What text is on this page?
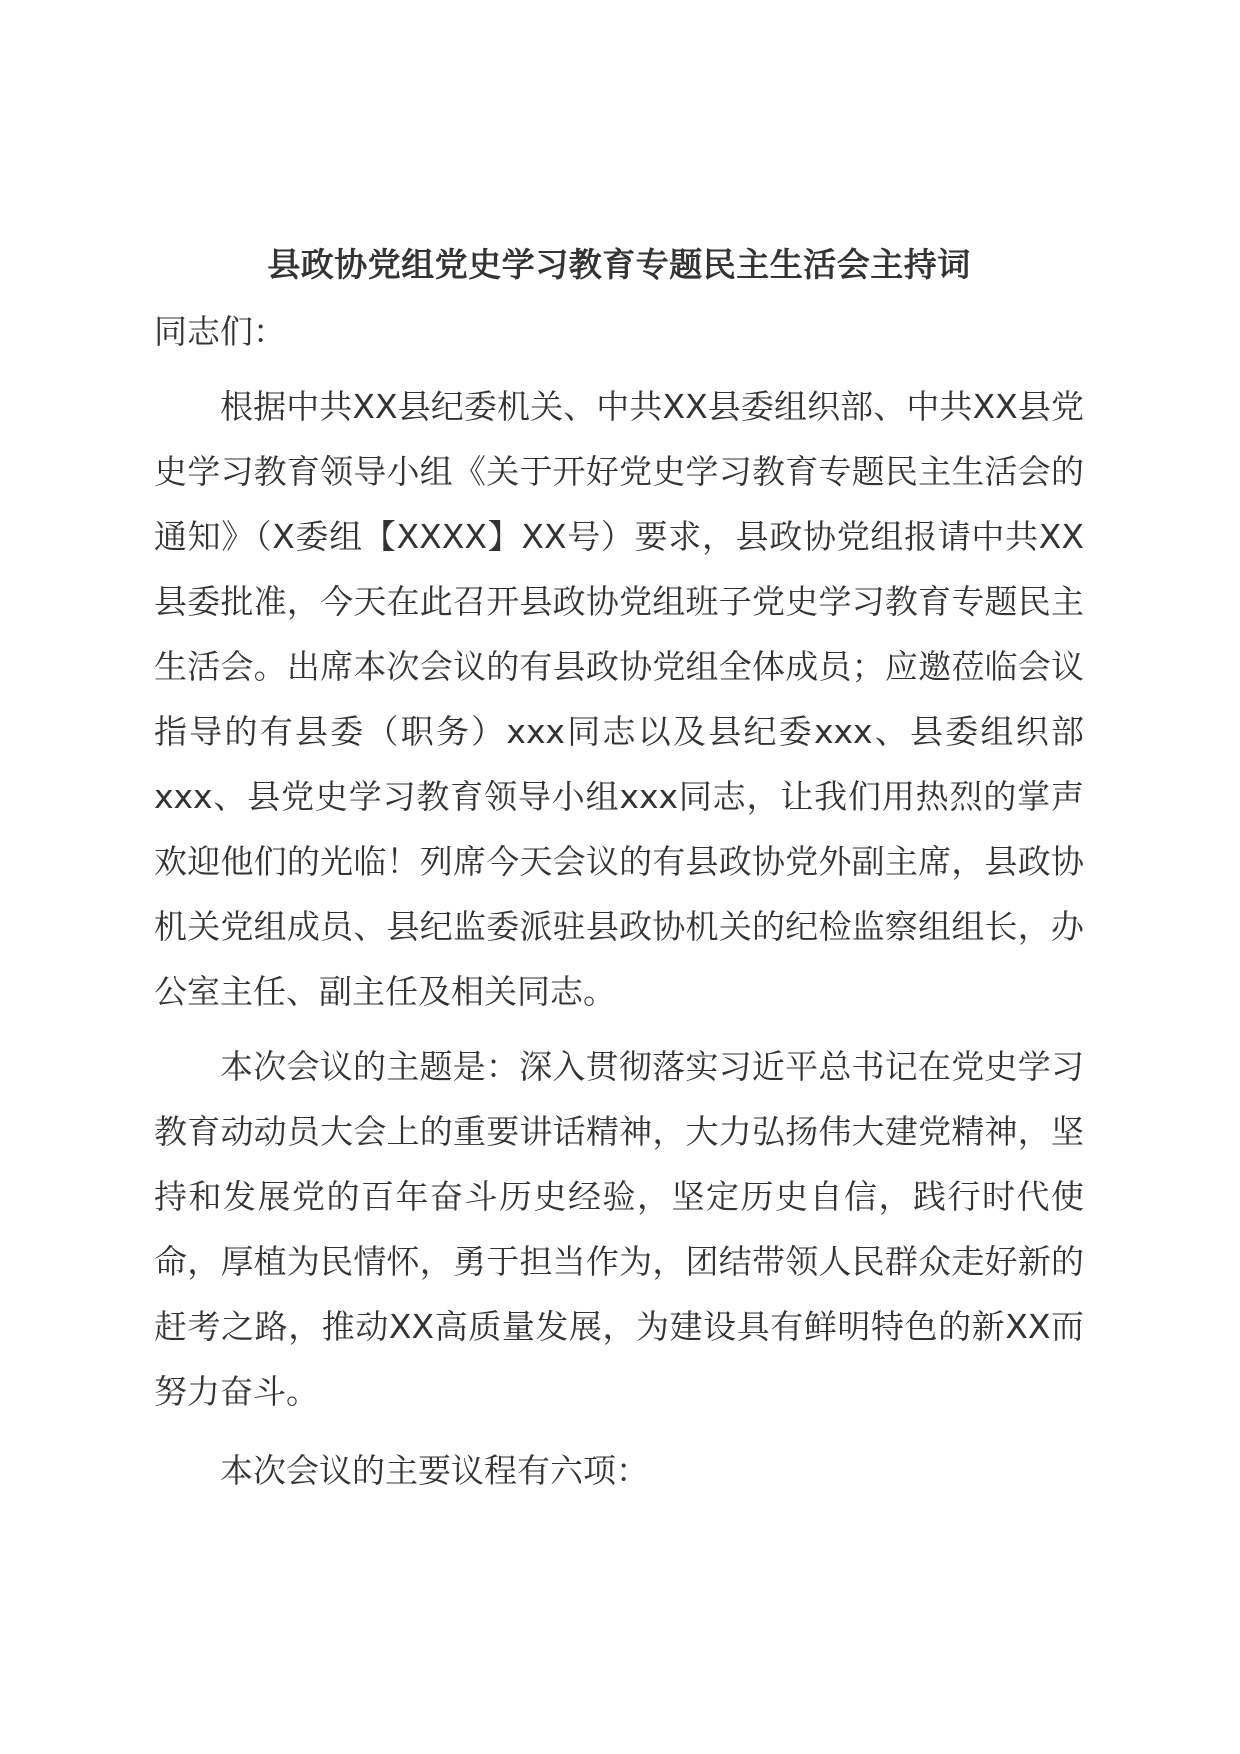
县政协党组党史学习教育专题民主生活会主持词

同志们：

根据中共XX县纪委机关、中共XX县委组织部、中共XX县党史学习教育领导小组《关于开好党史学习教育专题民主生活会的通知》（X委组【XXXX】XX号）要求，县政协党组报请中共XX县委批准，今天在此召开县政协党组班子党史学习教育专题民主生活会。出席本次会议的有县政协党组全体成员；应邀莅临会议指导的有县委（职务）xxx同志以及县纪委xxx、县委组织部xxx、县党史学习教育领导小组xxx同志，让我们用热烈的掌声欢迎他们的光临！列席今天会议的有县政协党外副主席，县政协机关党组成员、县纪监委派驻县政协机关的纪检监察组组长，办公室主任、副主任及相关同志。

本次会议的主题是：深入贯彻落实习近平总书记在党史学习教育动动员大会上的重要讲话精神，大力弘扬伟大建党精神，坚持和发展党的百年奋斗历史经验，坚定历史自信，践行时代使命，厚植为民情怀，勇于担当作为，团结带领人民群众走好新的赶考之路，推动XX高质量发展，为建设具有鲜明特色的新XX而努力奋斗。

本次会议的主要议程有六项：
